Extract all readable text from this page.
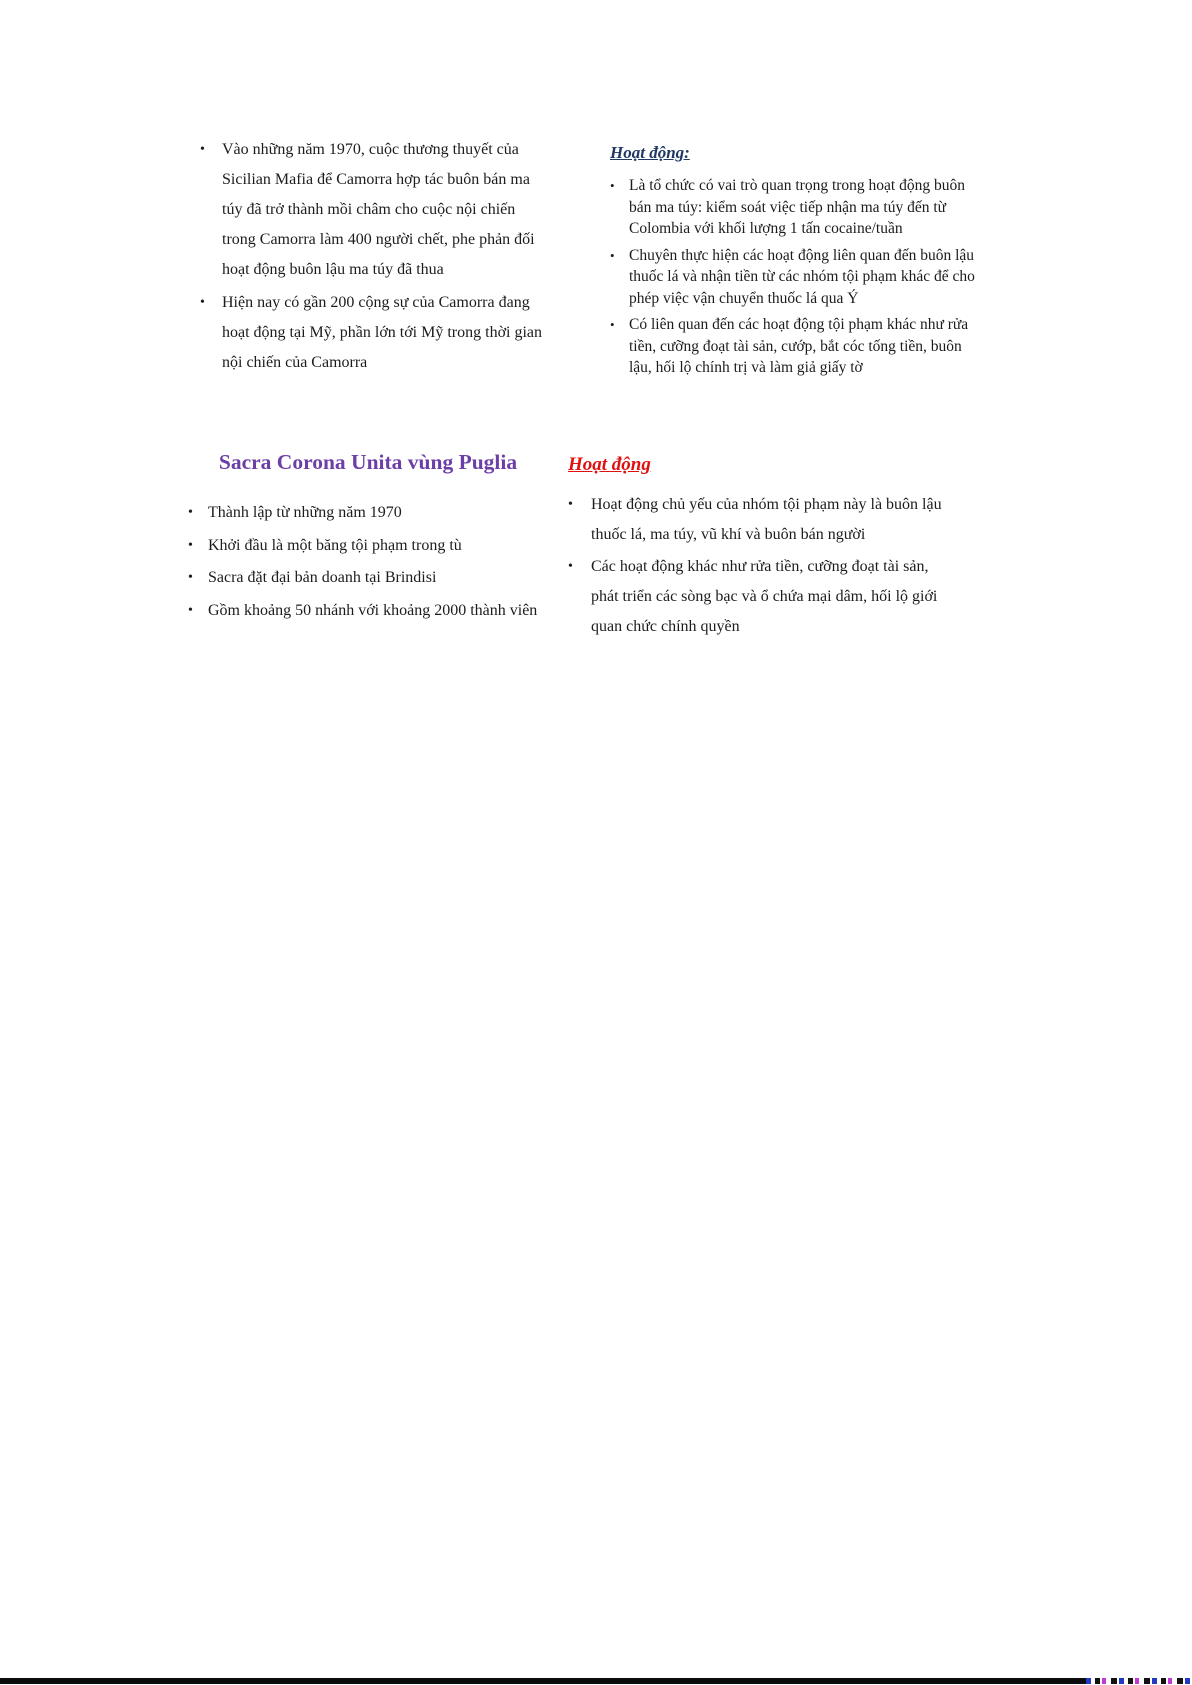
•	Vào những năm 1970, cuộc thương thuyết của Sicilian Mafia để Camorra hợp tác buôn bán ma túy đã trở thành mồi châm cho cuộc nội chiến trong Camorra làm 400 người chết, phe phản đối hoạt động buôn lậu ma túy đã thua
•	Hiện nay có gần 200 cộng sự của Camorra đang hoạt động tại Mỹ, phần lớn tới Mỹ trong thời gian nội chiến của Camorra
Hoạt động:
• Là tổ chức có vai trò quan trọng trong hoạt động buôn bán ma túy: kiểm soát việc tiếp nhận ma túy đến từ Colombia với khối lượng 1 tấn cocaine/tuần
• Chuyên thực hiện các hoạt động liên quan đến buôn lậu thuốc lá và nhận tiền từ các nhóm tội phạm khác để cho phép việc vận chuyển thuốc lá qua Ý
• Có liên quan đến các hoạt động tội phạm khác như rửa tiền, cưỡng đoạt tài sản, cướp, bắt cóc tống tiền, buôn lậu, hối lộ chính trị và làm giả giấy tờ
Sacra Corona Unita vùng Puglia
• Thành lập từ những năm 1970
• Khởi đầu là một băng tội phạm trong tù
• Sacra đặt đại bản doanh tại Brindisi
• Gồm khoảng 50 nhánh với khoảng 2000 thành viên
Hoạt động
•	Hoạt động chủ yếu của nhóm tội phạm này là buôn lậu thuốc lá, ma túy, vũ khí và buôn bán người
•	Các hoạt động khác như rửa tiền, cưỡng đoạt tài sản, phát triển các sòng bạc và ổ chứa mại dâm, hối lộ giới quan chức chính quyền
